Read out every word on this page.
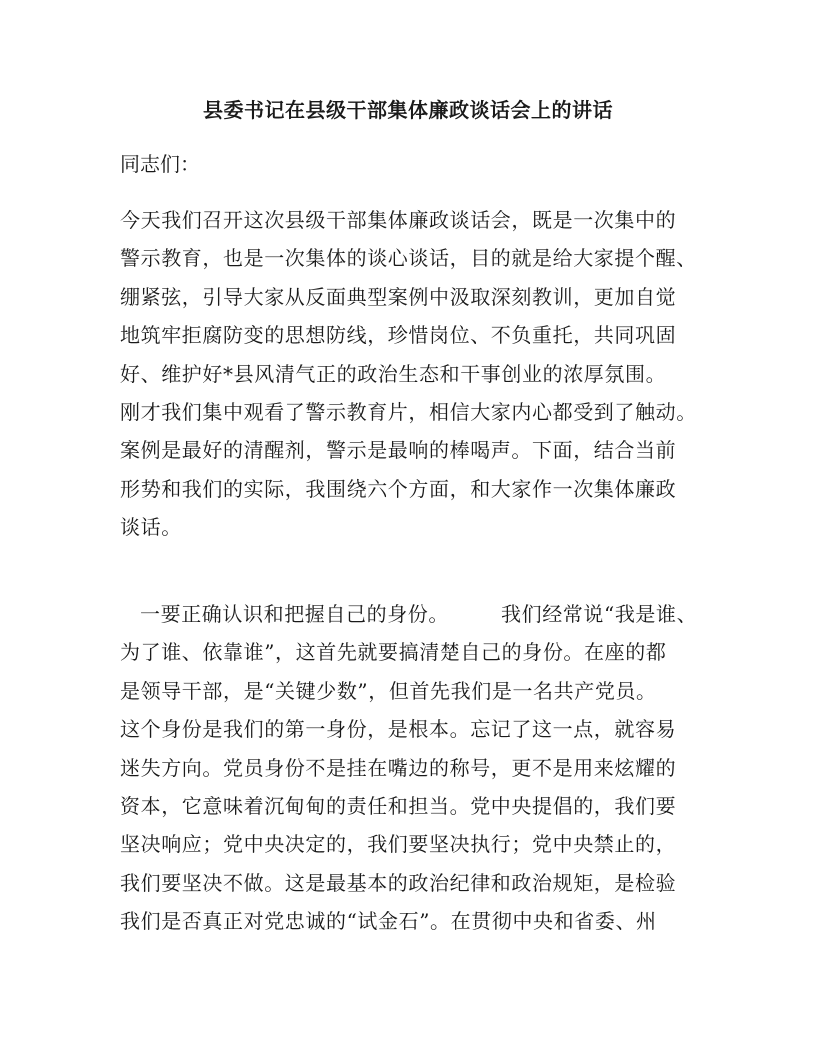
县委书记在县级干部集体廉政谈话会上的讲话
同志们：
今天我们召开这次县级干部集体廉政谈话会，既是一次集中的
警示教育，也是一次集体的谈心谈话，目的就是给大家提个醒、
绷紧弦，引导大家从反面典型案例中汲取深刻教训，更加自觉
地筑牢拒腐防变的思想防线，珍惜岗位、不负重托，共同巩固
好、维护好*县风清气正的政治生态和干事创业的浓厚氛围。
刚才我们集中观看了警示教育片，相信大家内心都受到了触动。
案例是最好的清醒剂，警示是最响的棒喝声。下面，结合当前
形势和我们的实际，我围绕六个方面，和大家作一次集体廉政
谈话。
一要正确认识和把握自己的身份。	我们经常说“我是谁、
为了谁、依靠谁”，这首先就要搞清楚自己的身份。在座的都
是领导干部，是“关键少数”，但首先我们是一名共产党员。
这个身份是我们的第一身份，是根本。忘记了这一点，就容易
迷失方向。党员身份不是挂在嘴边的称号，更不是用来炫耀的
资本，它意味着沉甸甸的责任和担当。党中央提倡的，我们要
坚决响应；党中央决定的，我们要坚决执行；党中央禁止的，
我们要坚决不做。这是最基本的政治纪律和政治规矩，是检验
我们是否真正对党忠诚的“试金石”。在贯彻中央和省委、州
